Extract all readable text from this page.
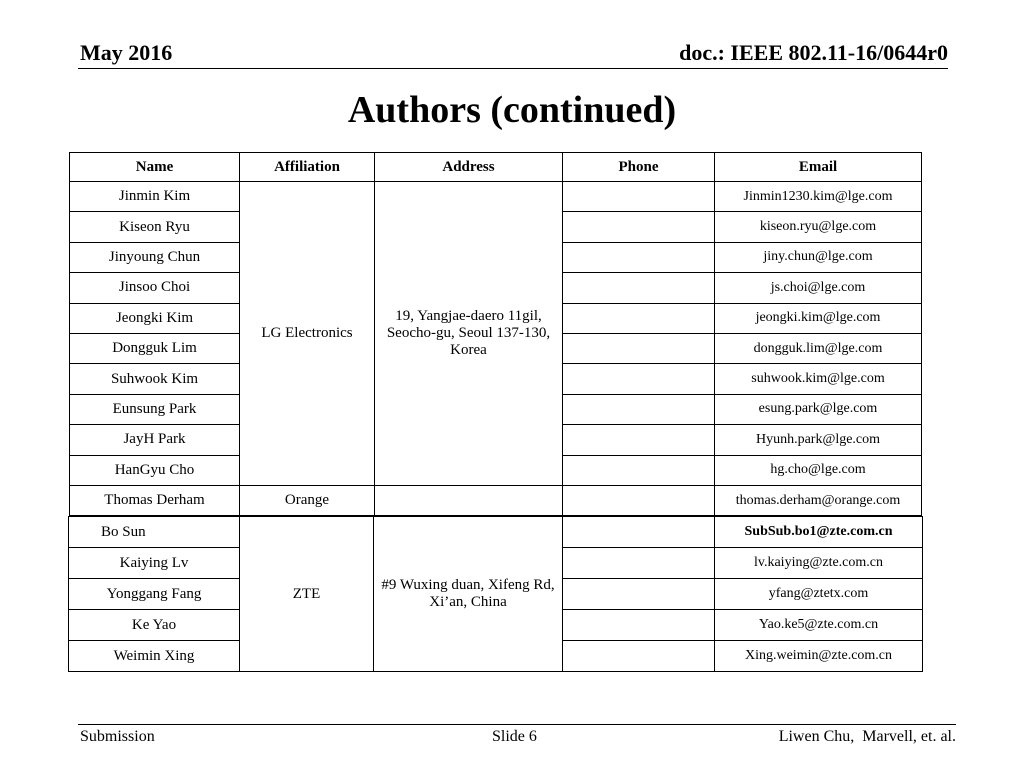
May 2016	doc.: IEEE 802.11-16/0644r0
Authors (continued)
Name	Affiliation	Address	Phone	Email
Jinmin Kim	LG Electronics	19, Yangjae-daero 11gil, Seocho-gu, Seoul 137-130, Korea		Jinmin1230.kim@lge.com
Kiseon Ryu				kiseon.ryu@lge.com
Jinyoung Chun				jiny.chun@lge.com
Jinsoo Choi				js.choi@lge.com
Jeongki Kim				jeongki.kim@lge.com
Dongguk Lim				dongguk.lim@lge.com
Suhwook Kim				suhwook.kim@lge.com
Eunsung Park				esung.park@lge.com
JayH Park				Hyunh.park@lge.com
HanGyu Cho				hg.cho@lge.com
Thomas Derham	Orange			thomas.derham@orange.com
Bo Sun	ZTE	#9 Wuxing duan, Xifeng Rd, Xi’an, China		SubSub.bo1@zte.com.cn
Kaiying Lv				lv.kaiying@zte.com.cn
Yonggang Fang				yfang@ztetx.com
Ke Yao				Yao.ke5@zte.com.cn
Weimin Xing				Xing.weimin@zte.com.cn
Submission	Slide 6	Liwen Chu,  Marvell, et. al.
